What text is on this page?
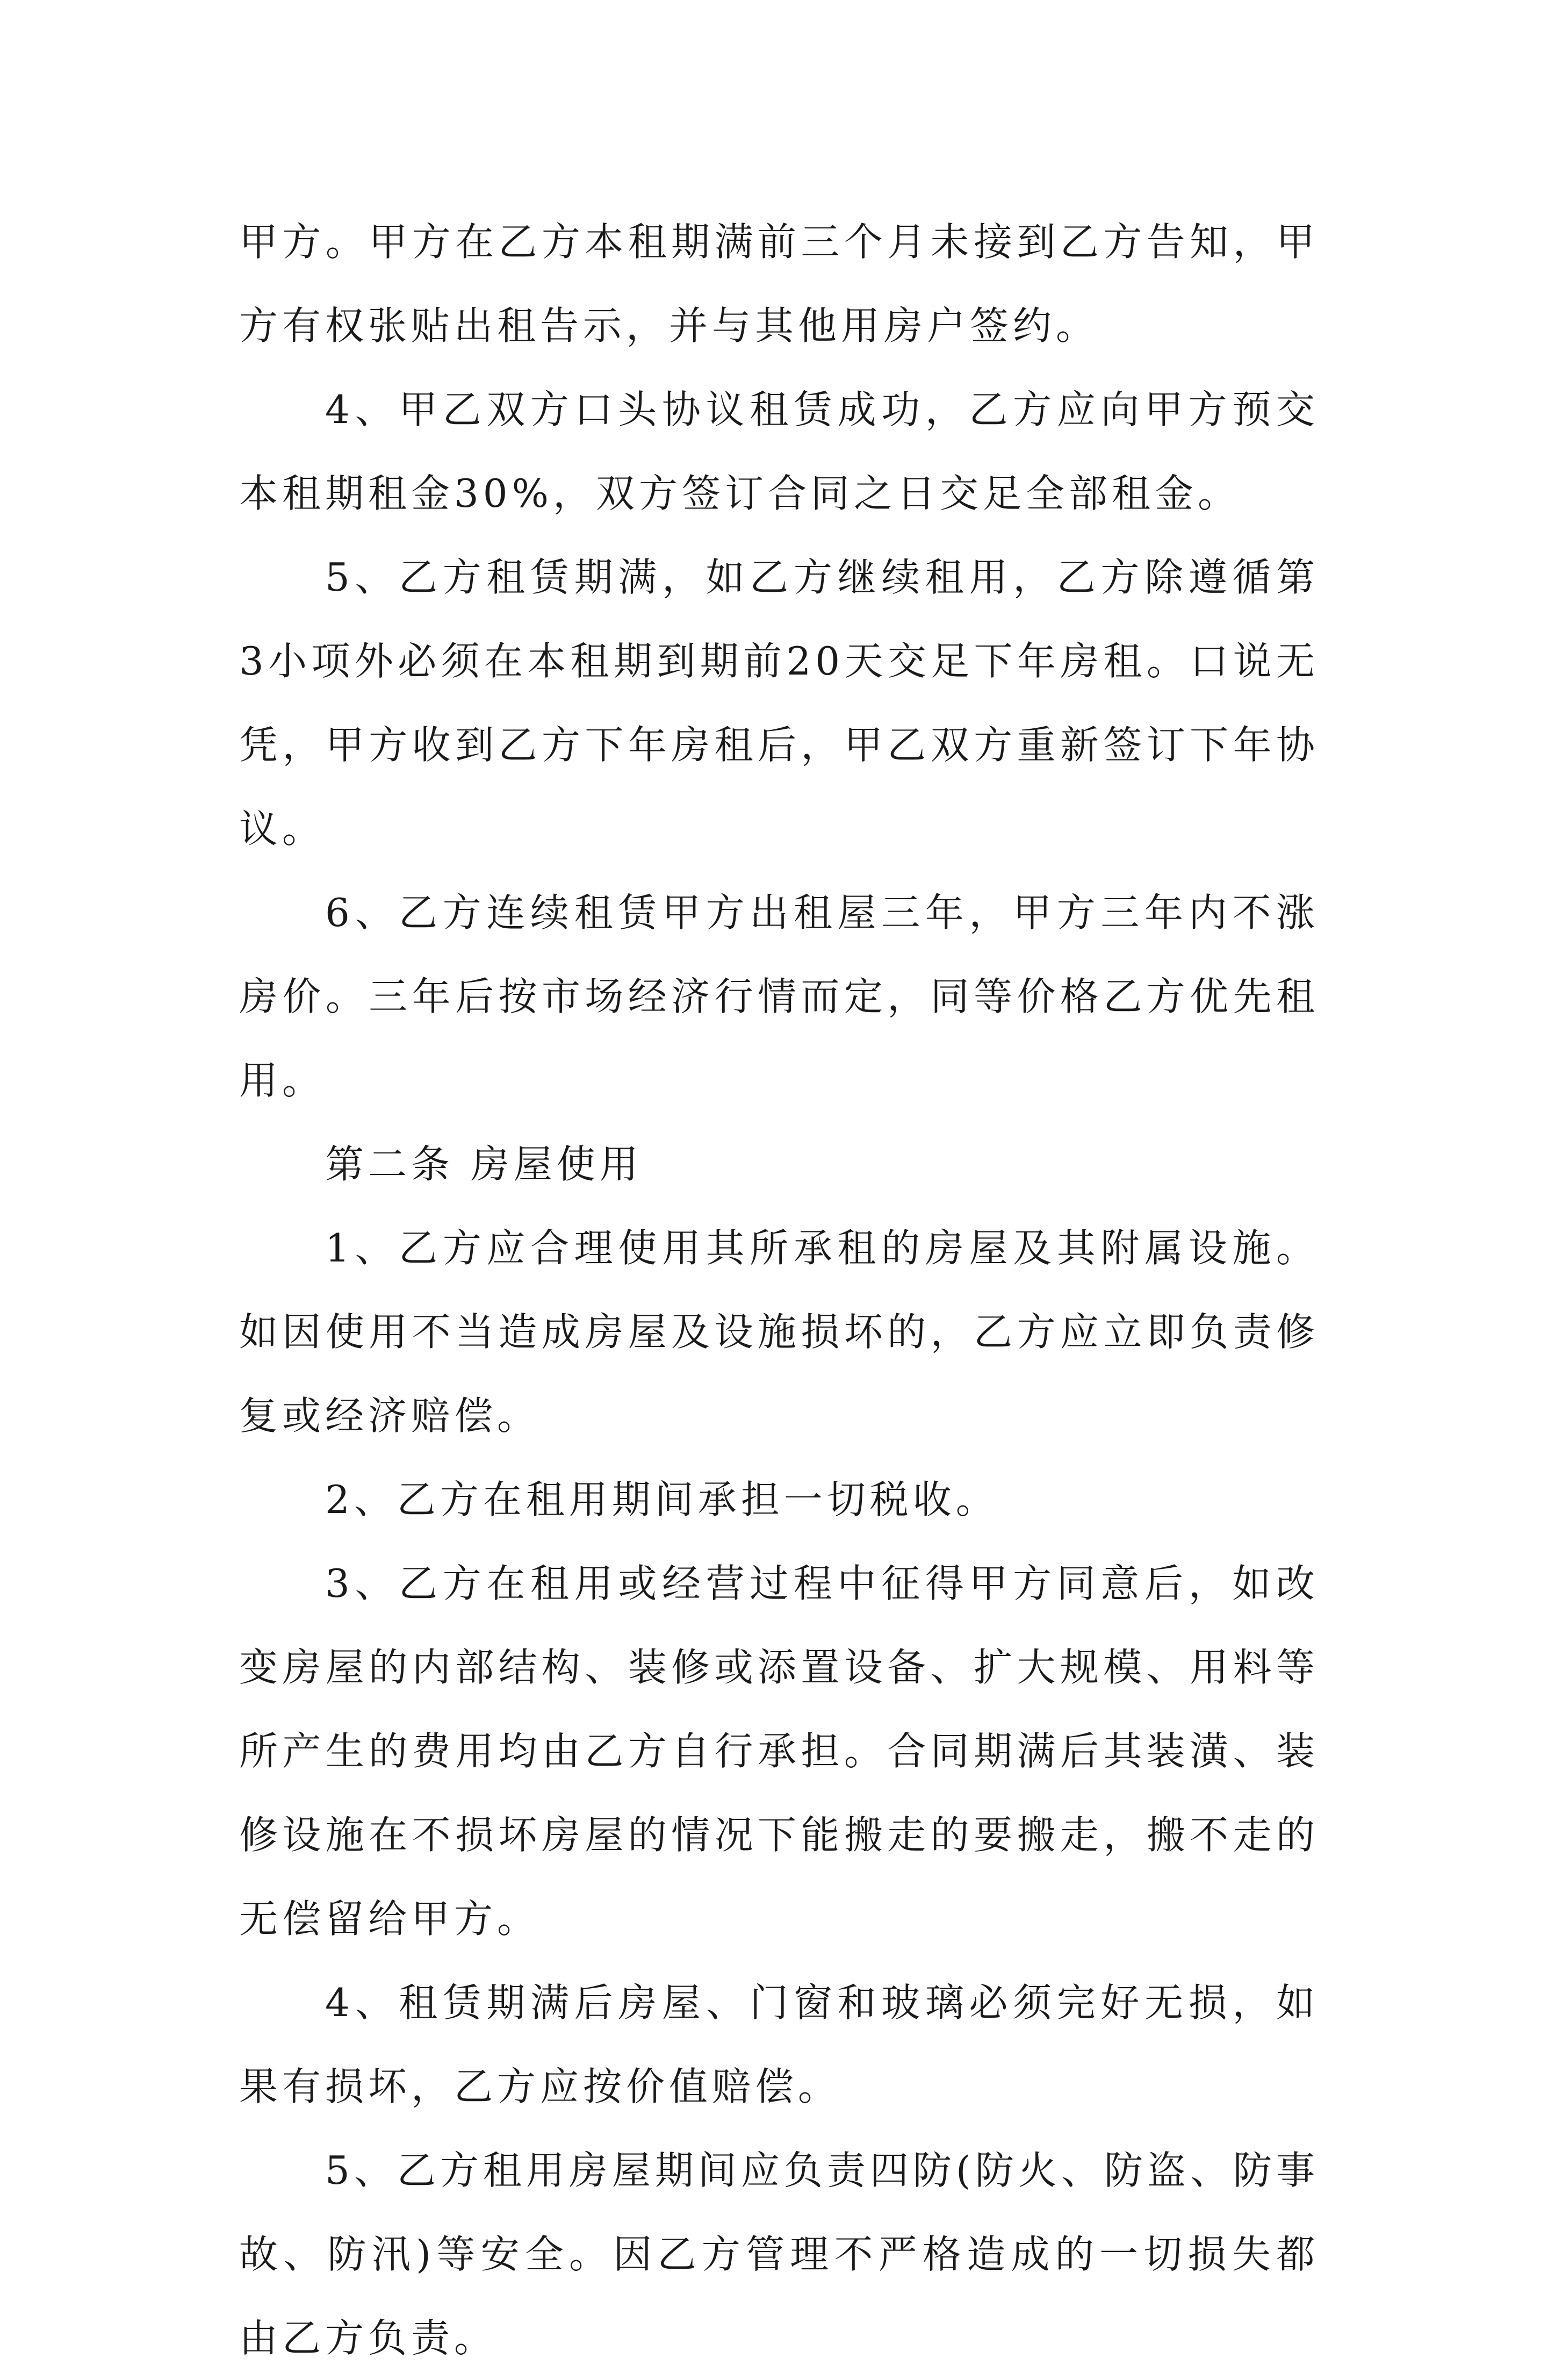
甲方。甲方在乙方本租期满前三个月未接到乙方告知，甲方有权张贴出租告示，并与其他用房户签约。

4、甲乙双方口头协议租赁成功，乙方应向甲方预交本租期租金30%，双方签订合同之日交足全部租金。

5、乙方租赁期满，如乙方继续租用，乙方除遵循第3小项外必须在本租期到期前20天交足下年房租。口说无凭，甲方收到乙方下年房租后，甲乙双方重新签订下年协议。

6、乙方连续租赁甲方出租屋三年，甲方三年内不涨房价。三年后按市场经济行情而定，同等价格乙方优先租用。

第二条 房屋使用

1、乙方应合理使用其所承租的房屋及其附属设施。如因使用不当造成房屋及设施损坏的，乙方应立即负责修复或经济赔偿。

2、乙方在租用期间承担一切税收。

3、乙方在租用或经营过程中征得甲方同意后，如改变房屋的内部结构、装修或添置设备、扩大规模、用料等所产生的费用均由乙方自行承担。合同期满后其装潢、装修设施在不损坏房屋的情况下能搬走的要搬走，搬不走的无偿留给甲方。

4、租赁期满后房屋、门窗和玻璃必须完好无损，如果有损坏，乙方应按价值赔偿。

5、乙方租用房屋期间应负责四防(防火、防盗、防事故、防汛)等安全。因乙方管理不严格造成的一切损失都由乙方负责。
